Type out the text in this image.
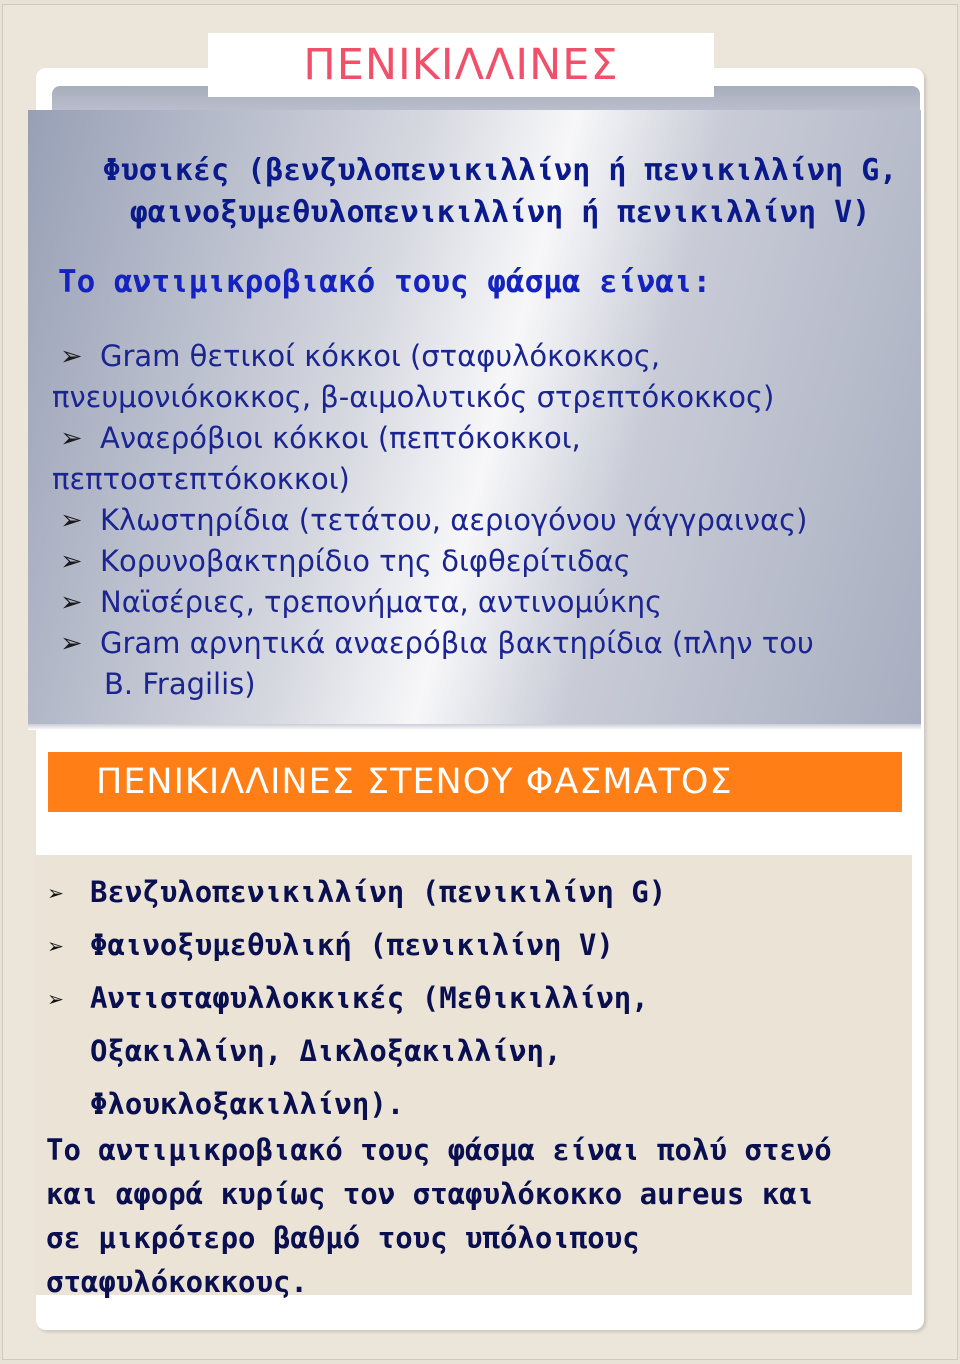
ΠΕΝΙΚΙΛΛΙΝΕΣ
Φυσικές (βενζυλοπενικιλλίνη ή πενικιλλίνη G,
φαινοξυμεθυλοπενικιλλίνη ή πενικιλλίνη V)
Το αντιμικροβιακό τους φάσμα είναι:
➢ Gram θετικοί κόκκοι (σταφυλόκοκκος,
πνευμονιόκοκκος, β-αιμολυτικός στρεπτόκοκκος)
➢ Αναερόβιοι κόκκοι (πεπτόκοκκοι,
πεπτοστεπτόκοκκοι)
➢ Κλωστηρίδια (τετάτου, αεριογόνου γάγγραινας)
➢ Κορυνοβακτηρίδιο της διφθερίτιδας
➢ Ναϊσέριες, τρεπονήματα, αντινομύκης
➢ Gram αρνητικά αναερόβια βακτηρίδια (πλην του
B. Fragilis)
ΠΕΝΙΚΙΛΛΙΝΕΣ ΣΤΕΝΟΥ ΦΑΣΜΑΤΟΣ
➢ Βενζυλοπενικιλλίνη (πενικιλίνη G)
➢ Φαινοξυμεθυλική (πενικιλίνη V)
➢ Αντισταφυλλοκκικές (Μεθικιλλίνη,
Οξακιλλίνη, Δικλοξακιλλίνη,
Φλουκλοξακιλλίνη).
Το αντιμικροβιακό τους φάσμα είναι πολύ στενό
και αφορά κυρίως τον σταφυλόκοκκο aureus και
σε μικρότερο βαθμό τους υπόλοιπους
σταφυλόκοκκους.
